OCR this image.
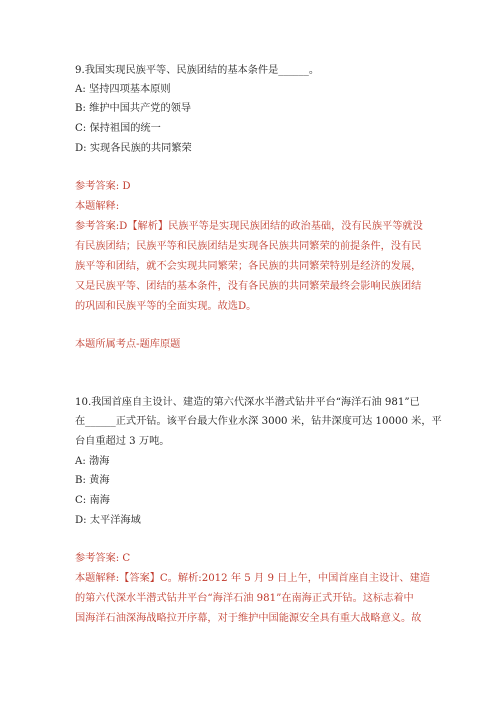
9.我国实现民族平等、民族团结的基本条件是______。
A: 坚持四项基本原则
B: 维护中国共产党的领导
C: 保持祖国的统一
D: 实现各民族的共同繁荣
参考答案: D
本题解释:
参考答案:D【解析】民族平等是实现民族团结的政治基础，没有民族平等就没
有民族团结；民族平等和民族团结是实现各民族共同繁荣的前提条件，没有民
族平等和团结，就不会实现共同繁荣；各民族的共同繁荣特别是经济的发展，
又是民族平等、团结的基本条件，没有各民族的共同繁荣最终会影响民族团结
的巩固和民族平等的全面实现。故选D。
本题所属考点-题库原题
10.我国首座自主设计、建造的第六代深水半潜式钻井平台“海洋石油 981”已
在______正式开钻。该平台最大作业水深 3000 米，钻井深度可达 10000 米，平
台自重超过 3 万吨。
A: 渤海
B: 黄海
C: 南海
D: 太平洋海域
参考答案: C
本题解释:【答案】C。解析:2012 年 5 月 9 日上午，中国首座自主设计、建造
的第六代深水半潜式钻井平台“海洋石油 981”在南海正式开钻。这标志着中
国海洋石油深海战略拉开序幕，对于维护中国能源安全具有重大战略意义。故
